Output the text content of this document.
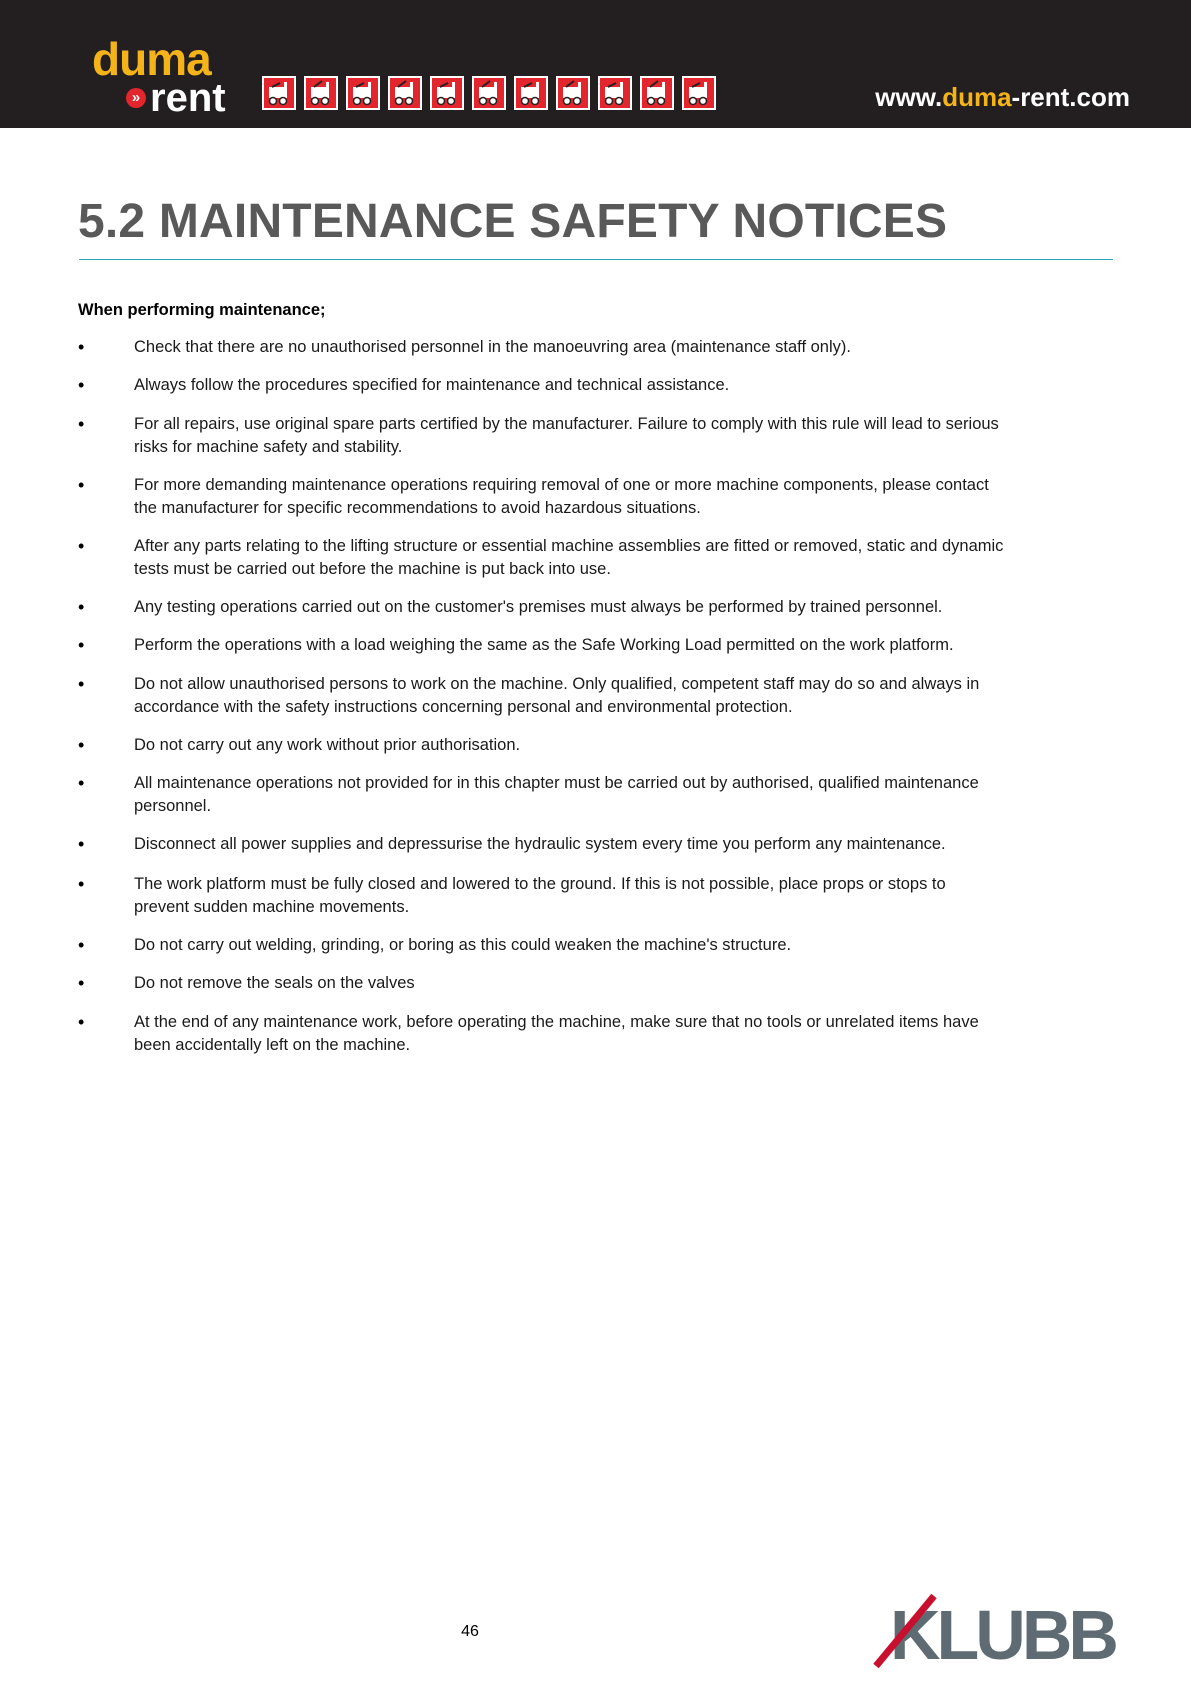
duma
» rent	www.duma-rent.com
5.2 MAINTENANCE SAFETY NOTICES

When performing maintenance;

•	Check that there are no unauthorised personnel in the manoeuvring area (maintenance staff only).
•	Always follow the procedures specified for maintenance and technical assistance.
•	For all repairs, use original spare parts certified by the manufacturer. Failure to comply with this rule will lead to serious
risks for machine safety and stability.
•	For more demanding maintenance operations requiring removal of one or more machine components, please contact
the manufacturer for specific recommendations to avoid hazardous situations.
•	After any parts relating to the lifting structure or essential machine assemblies are fitted or removed, static and dynamic
tests must be carried out before the machine is put back into use.
•	Any testing operations carried out on the customer's premises must always be performed by trained personnel.
•	Perform the operations with a load weighing the same as the Safe Working Load permitted on the work platform.
•	Do not allow unauthorised persons to work on the machine. Only qualified, competent staff may do so and always in
accordance with the safety instructions concerning personal and environmental protection.
•	Do not carry out any work without prior authorisation.
•	All maintenance operations not provided for in this chapter must be carried out by authorised, qualified maintenance
personnel.
•	Disconnect all power supplies and depressurise the hydraulic system every time you perform any maintenance.
•	The work platform must be fully closed and lowered to the ground. If this is not possible, place props or stops to
prevent sudden machine movements.
•	Do not carry out welding, grinding, or boring as this could weaken the machine's structure.
•	Do not remove the seals on the valves
•	At the end of any maintenance work, before operating the machine, make sure that no tools or unrelated items have
been accidentally left on the machine.
46	KLUBB
